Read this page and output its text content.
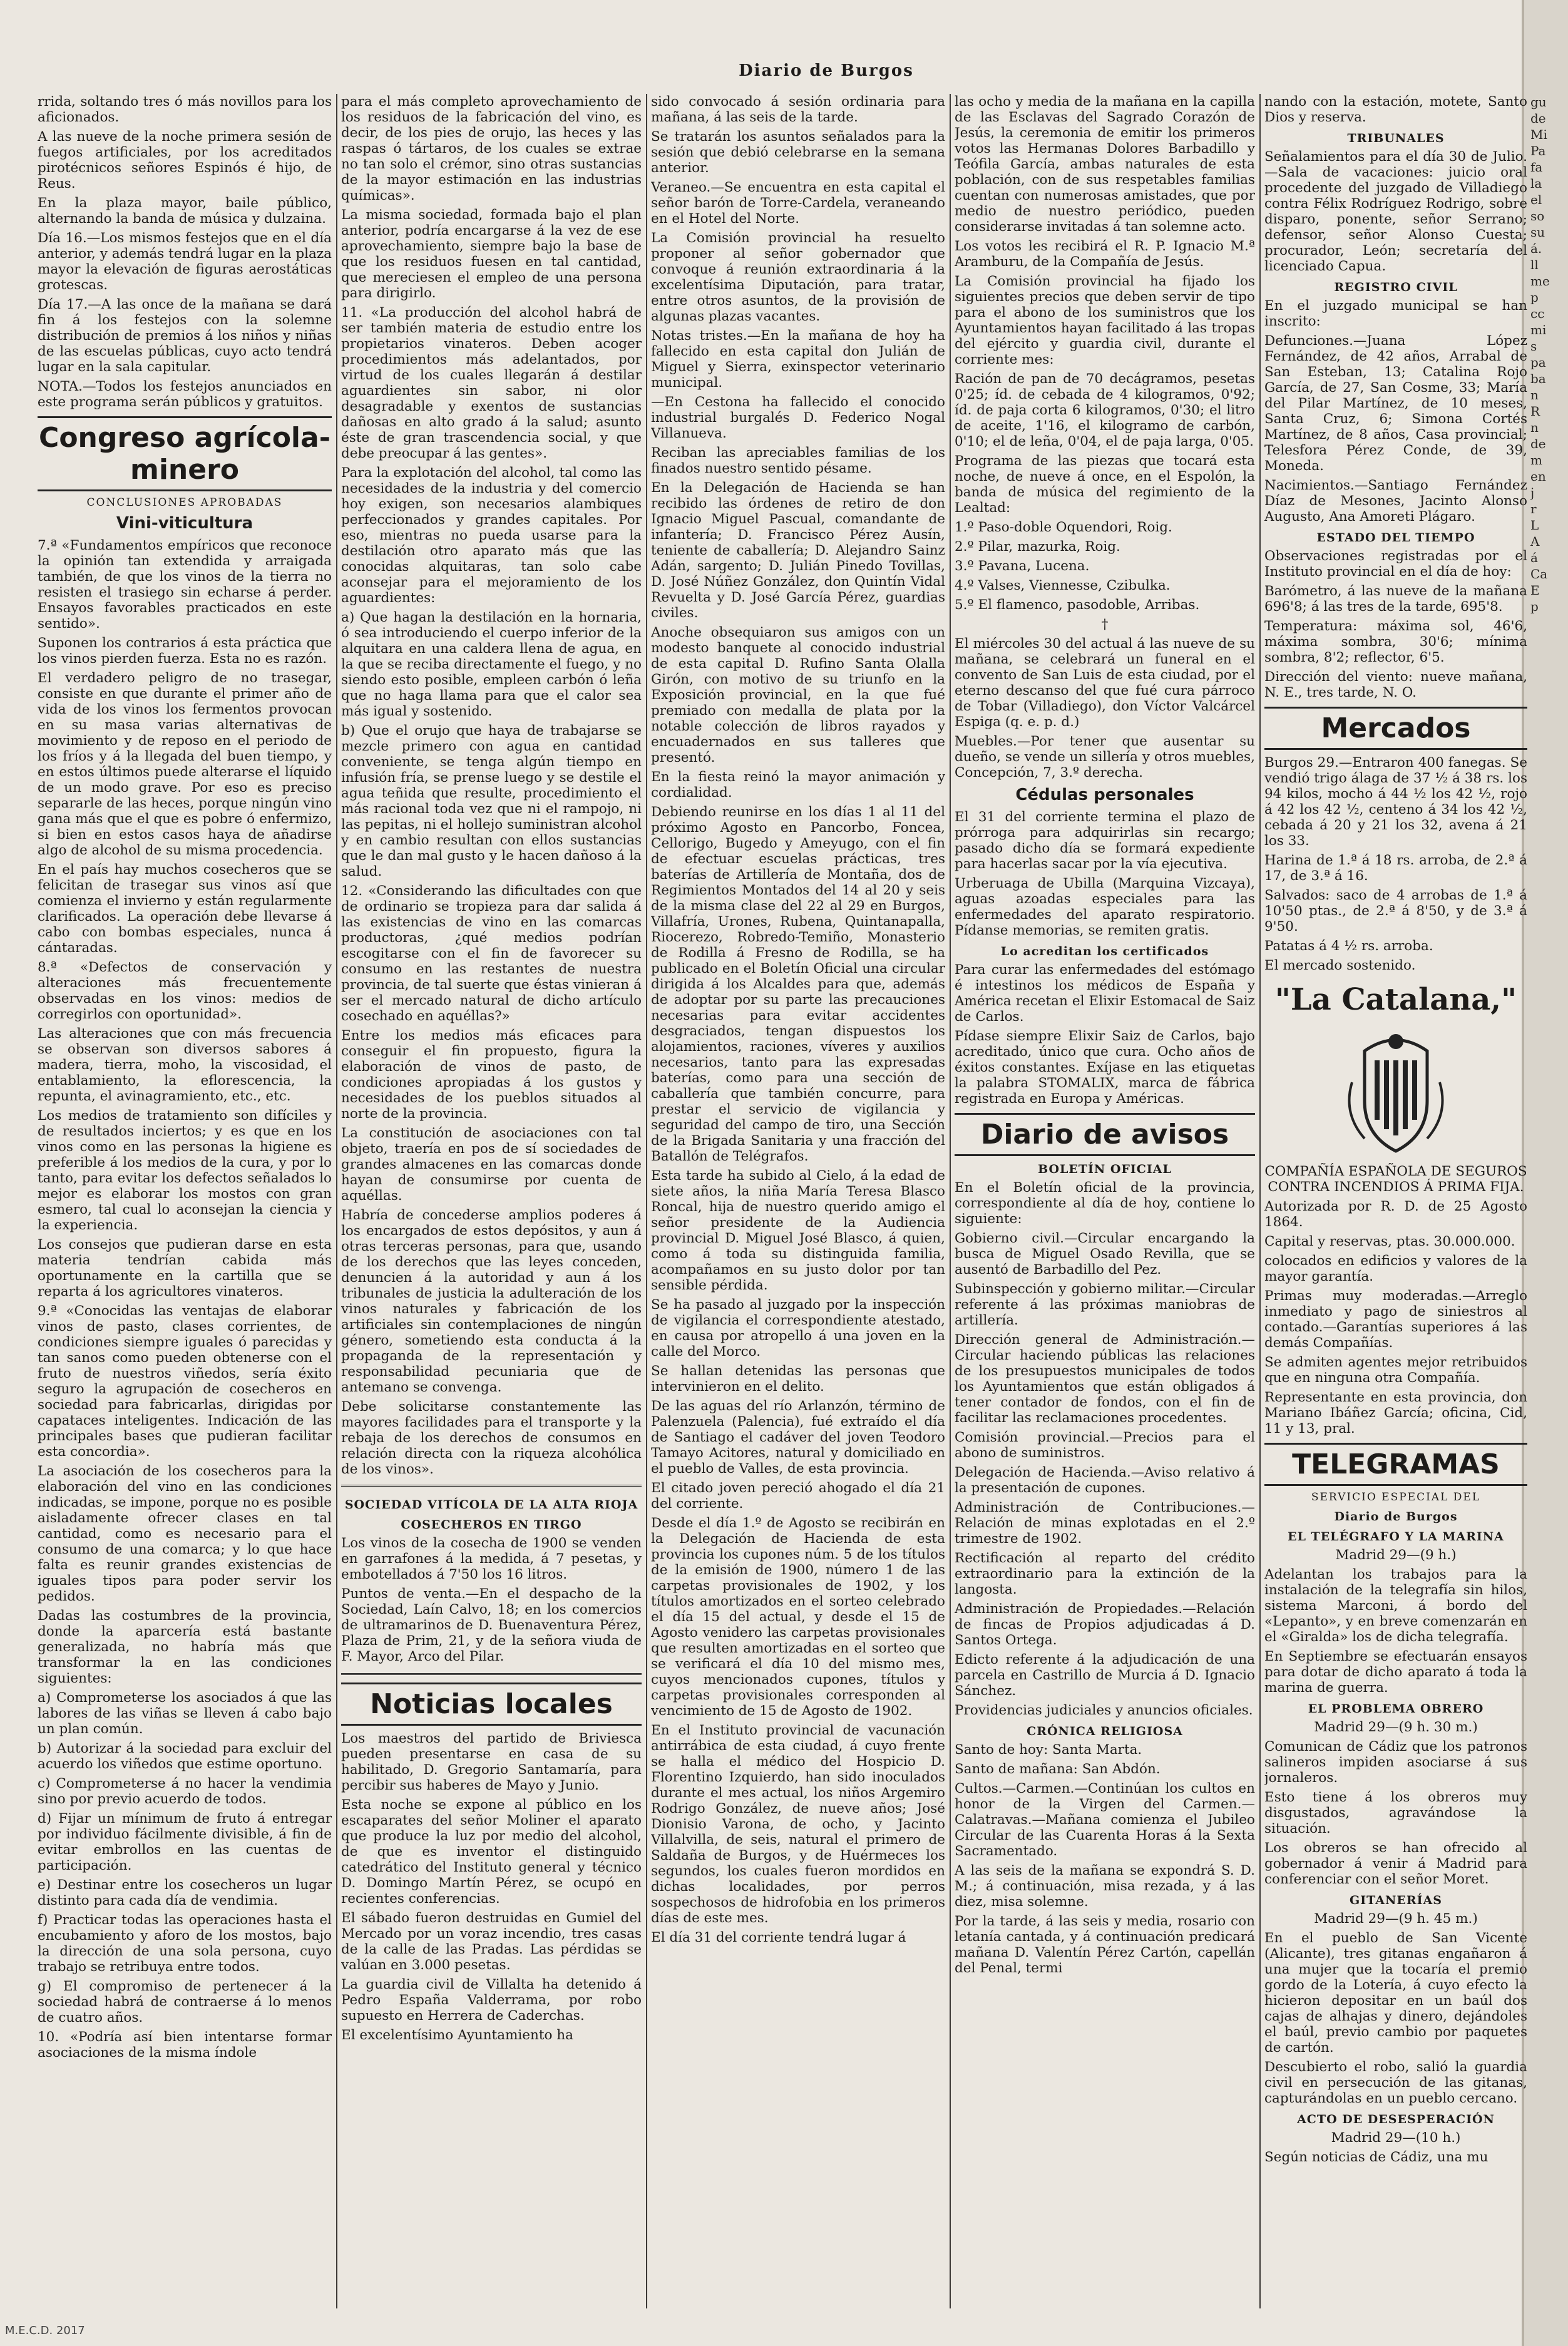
Diario de Burgos

rrida, soltando tres ó más novillos para los aficionados.

A las nueve de la noche primera sesión de fuegos artificiales, por los acreditados pirotécnicos señores Espinós é hijo, de Reus.

En la plaza mayor, baile público, alternando la banda de música y dulzaina.

Día 16.—Los mismos festejos que en el día anterior, y además tendrá lugar en la plaza mayor la elevación de figuras aerostáticas grotescas.

Día 17.—A las once de la mañana se dará fin á los festejos con la solemne distribución de premios á los niños y niñas de las escuelas públicas, cuyo acto tendrá lugar en la sala capitular.

NOTA.—Todos los festejos anunciados en este programa serán públicos y gratuitos.

Congreso agrícola-minero
CONCLUSIONES APROBADAS
Vini-viticultura

7.ª «Fundamentos empíricos que reconoce la opinión tan extendida y arraigada también, de que los vinos de la tierra no resisten el trasiego sin echarse á perder. Ensayos favorables practicados en este sentido».

Suponen los contrarios á esta práctica que los vinos pierden fuerza. Esta no es razón.

El verdadero peligro de no trasegar, consiste en que durante el primer año de vida de los vinos los fermentos provocan en su masa varias alternativas de movimiento y de reposo en el periodo de los fríos y á la llegada del buen tiempo, y en estos últimos puede alterarse el líquido de un modo grave. Por eso es preciso separarle de las heces, porque ningún vino gana más que el que es pobre ó enfermizo, si bien en estos casos haya de añadirse algo de alcohol de su misma procedencia.

En el país hay muchos cosecheros que se felicitan de trasegar sus vinos así que comienza el invierno y están regularmente clarificados. La operación debe llevarse á cabo con bombas especiales, nunca á cántaradas.

8.ª «Defectos de conservación y alteraciones más frecuentemente observadas en los vinos: medios de corregirlos con oportunidad».

Las alteraciones que con más frecuencia se observan son diversos sabores á madera, tierra, moho, la viscosidad, el entablamiento, la eflorescencia, la repunta, el avinagramiento, etc., etc.

Los medios de tratamiento son difíciles y de resultados inciertos; y es que en los vinos como en las personas la higiene es preferible á los medios de la cura, y por lo tanto, para evitar los defectos señalados lo mejor es elaborar los mostos con gran esmero, tal cual lo aconsejan la ciencia y la experiencia.

Los consejos que pudieran darse en esta materia tendrían cabida más oportunamente en la cartilla que se reparta á los agricultores vinateros.

9.ª «Conocidas las ventajas de elaborar vinos de pasto, clases corrientes, de condiciones siempre iguales ó parecidas y tan sanos como pueden obtenerse con el fruto de nuestros viñedos, sería éxito seguro la agrupación de cosecheros en sociedad para fabricarlas, dirigidas por capataces inteligentes. Indicación de las principales bases que pudieran facilitar esta concordia».

La asociación de los cosecheros para la elaboración del vino en las condiciones indicadas, se impone, porque no es posible aisladamente ofrecer clases en tal cantidad, como es necesario para el consumo de una comarca; y lo que hace falta es reunir grandes existencias de iguales tipos para poder servir los pedidos.

Dadas las costumbres de la provincia, donde la aparcería está bastante generalizada, no habría más que transformar la en las condiciones siguientes:

a) Comprometerse los asociados á que las labores de las viñas se lleven á cabo bajo un plan común.

b) Autorizar á la sociedad para excluir del acuerdo los viñedos que estime oportuno.

c) Comprometerse á no hacer la vendimia sino por previo acuerdo de todos.

d) Fijar un mínimum de fruto á entregar por individuo fácilmente divisible, á fin de evitar embrollos en las cuentas de participación.

e) Destinar entre los cosecheros un lugar distinto para cada día de vendimia.

f) Practicar todas las operaciones hasta el encubamiento y aforo de los mostos, bajo la dirección de una sola persona, cuyo trabajo se retribuya entre todos.

g) El compromiso de pertenecer á la sociedad habrá de contraerse á lo menos de cuatro años.

10. «Podría así bien intentarse formar asociaciones de la misma índole

para el más completo aprovechamiento de los residuos de la fabricación del vino, es decir, de los pies de orujo, las heces y las raspas ó tártaros, de los cuales se extrae no tan solo el crémor, sino otras sustancias de la mayor estimación en las industrias químicas».

La misma sociedad, formada bajo el plan anterior, podría encargarse á la vez de ese aprovechamiento, siempre bajo la base de que los residuos fuesen en tal cantidad, que mereciesen el empleo de una persona para dirigirlo.

11. «La producción del alcohol habrá de ser también materia de estudio entre los propietarios vinateros. Deben acoger procedimientos más adelantados, por virtud de los cuales llegarán á destilar aguardientes sin sabor, ni olor desagradable y exentos de sustancias dañosas en alto grado á la salud; asunto éste de gran trascendencia social, y que debe preocupar á las gentes».

Para la explotación del alcohol, tal como las necesidades de la industria y del comercio hoy exigen, son necesarios alambiques perfeccionados y grandes capitales. Por eso, mientras no pueda usarse para la destilación otro aparato más que las conocidas alquitaras, tan solo cabe aconsejar para el mejoramiento de los aguardientes:

a) Que hagan la destilación en la hornaria, ó sea introduciendo el cuerpo inferior de la alquitara en una caldera llena de agua, en la que se reciba directamente el fuego, y no siendo esto posible, empleen carbón ó leña que no haga llama para que el calor sea más igual y sostenido.

b) Que el orujo que haya de trabajarse se mezcle primero con agua en cantidad conveniente, se tenga algún tiempo en infusión fría, se prense luego y se destile el agua teñida que resulte, procedimiento el más racional toda vez que ni el rampojo, ni las pepitas, ni el hollejo suministran alcohol y en cambio resultan con ellos sustancias que le dan mal gusto y le hacen dañoso á la salud.

12. «Considerando las dificultades con que de ordinario se tropieza para dar salida á las existencias de vino en las comarcas productoras, ¿qué medios podrían escogitarse con el fin de favorecer su consumo en las restantes de nuestra provincia, de tal suerte que éstas vinieran á ser el mercado natural de dicho artículo cosechado en aquéllas?»

Entre los medios más eficaces para conseguir el fin propuesto, figura la elaboración de vinos de pasto, de condiciones apropiadas á los gustos y necesidades de los pueblos situados al norte de la provincia.

La constitución de asociaciones con tal objeto, traería en pos de sí sociedades de grandes almacenes en las comarcas donde hayan de consumirse por cuenta de aquéllas.

Habría de concederse amplios poderes á los encargados de estos depósitos, y aun á otras terceras personas, para que, usando de los derechos que las leyes conceden, denuncien á la autoridad y aun á los tribunales de justicia la adulteración de los vinos naturales y fabricación de los artificiales sin contemplaciones de ningún género, sometiendo esta conducta á la propaganda de la representación y responsabilidad pecuniaria que de antemano se convenga.

Debe solicitarse constantemente las mayores facilidades para el transporte y la rebaja de los derechos de consumos en relación directa con la riqueza alcohólica de los vinos».

SOCIEDAD VITÍCOLA DE LA ALTA RIOJA
COSECHEROS EN TIRGO

Los vinos de la cosecha de 1900 se venden en garrafones á la medida, á 7 pesetas, y embotellados á 7'50 los 16 litros.

Puntos de venta.—En el despacho de la Sociedad, Laín Calvo, 18; en los comercios de ultramarinos de D. Buenaventura Pérez, Plaza de Prim, 21, y de la señora viuda de F. Mayor, Arco del Pilar.

Noticias locales

Los maestros del partido de Briviesca pueden presentarse en casa de su habilitado, D. Gregorio Santamaría, para percibir sus haberes de Mayo y Junio.

Esta noche se expone al público en los escaparates del señor Moliner el aparato que produce la luz por medio del alcohol, de que es inventor el distinguido catedrático del Instituto general y técnico D. Domingo Martín Pérez, se ocupó en recientes conferencias.

El sábado fueron destruidas en Gumiel del Mercado por un voraz incendio, tres casas de la calle de las Pradas. Las pérdidas se valúan en 3.000 pesetas.

La guardia civil de Villalta ha detenido á Pedro España Valderrama, por robo supuesto en Herrera de Caderchas.

El excelentísimo Ayuntamiento ha

sido convocado á sesión ordinaria para mañana, á las seis de la tarde.

Se tratarán los asuntos señalados para la sesión que debió celebrarse en la semana anterior.

Veraneo.—Se encuentra en esta capital el señor barón de Torre-Cardela, veraneando en el Hotel del Norte.

La Comisión provincial ha resuelto proponer al señor gobernador que convoque á reunión extraordinaria á la excelentísima Diputación, para tratar, entre otros asuntos, de la provisión de algunas plazas vacantes.

Notas tristes.—En la mañana de hoy ha fallecido en esta capital don Julián de Miguel y Sierra, exinspector veterinario municipal.

—En Cestona ha fallecido el conocido industrial burgalés D. Federico Nogal Villanueva.

Reciban las apreciables familias de los finados nuestro sentido pésame.

En la Delegación de Hacienda se han recibido las órdenes de retiro de don Ignacio Miguel Pascual, comandante de infantería; D. Francisco Pérez Ausín, teniente de caballería; D. Alejandro Sainz Adán, sargento; D. Julián Pinedo Tovillas, D. José Núñez González, don Quintín Vidal Revuelta y D. José García Pérez, guardias civiles.

Anoche obsequiaron sus amigos con un modesto banquete al conocido industrial de esta capital D. Rufino Santa Olalla Girón, con motivo de su triunfo en la Exposición provincial, en la que fué premiado con medalla de plata por la notable colección de libros rayados y encuadernados en sus talleres que presentó.

En la fiesta reinó la mayor animación y cordialidad.

Debiendo reunirse en los días 1 al 11 del próximo Agosto en Pancorbo, Foncea, Cellorigo, Bugedo y Ameyugo, con el fin de efectuar escuelas prácticas, tres baterías de Artillería de Montaña, dos de Regimientos Montados del 14 al 20 y seis de la misma clase del 22 al 29 en Burgos, Villafría, Urones, Rubena, Quintanapalla, Riocerezo, Robredo-Temiño, Monasterio de Rodilla á Fresno de Rodilla, se ha publicado en el Boletín Oficial una circular dirigida á los Alcaldes para que, además de adoptar por su parte las precauciones necesarias para evitar accidentes desgraciados, tengan dispuestos los alojamientos, raciones, víveres y auxilios necesarios, tanto para las expresadas baterías, como para una sección de caballería que también concurre, para prestar el servicio de vigilancia y seguridad del campo de tiro, una Sección de la Brigada Sanitaria y una fracción del Batallón de Telégrafos.

Esta tarde ha subido al Cielo, á la edad de siete años, la niña María Teresa Blasco Roncal, hija de nuestro querido amigo el señor presidente de la Audiencia provincial D. Miguel José Blasco, á quien, como á toda su distinguida familia, acompañamos en su justo dolor por tan sensible pérdida.

Se ha pasado al juzgado por la inspección de vigilancia el correspondiente atestado, en causa por atropello á una joven en la calle del Morco.

Se hallan detenidas las personas que intervinieron en el delito.

De las aguas del río Arlanzón, término de Palenzuela (Palencia), fué extraído el día de Santiago el cadáver del joven Teodoro Tamayo Acitores, natural y domiciliado en el pueblo de Valles, de esta provincia.

El citado joven pereció ahogado el día 21 del corriente.

Desde el día 1.º de Agosto se recibirán en la Delegación de Hacienda de esta provincia los cupones núm. 5 de los títulos de la emisión de 1900, número 1 de las carpetas provisionales de 1902, y los títulos amortizados en el sorteo celebrado el día 15 del actual, y desde el 15 de Agosto venidero las carpetas provisionales que resulten amortizadas en el sorteo que se verificará el día 10 del mismo mes, cuyos mencionados cupones, títulos y carpetas provisionales corresponden al vencimiento de 15 de Agosto de 1902.

En el Instituto provincial de vacunación antirrábica de esta ciudad, á cuyo frente se halla el médico del Hospicio D. Florentino Izquierdo, han sido inoculados durante el mes actual, los niños Argemiro Rodrigo González, de nueve años; José Dionisio Varona, de ocho, y Jacinto Villalvilla, de seis, natural el primero de Saldaña de Burgos, y de Huérmeces los segundos, los cuales fueron mordidos en dichas localidades, por perros sospechosos de hidrofobia en los primeros días de este mes.

El día 31 del corriente tendrá lugar á

las ocho y media de la mañana en la capilla de las Esclavas del Sagrado Corazón de Jesús, la ceremonia de emitir los primeros votos las Hermanas Dolores Barbadillo y Teófila García, ambas naturales de esta población, con de sus respetables familias cuentan con numerosas amistades, que por medio de nuestro periódico, pueden considerarse invitadas á tan solemne acto.

Los votos les recibirá el R. P. Ignacio M.ª Aramburu, de la Compañía de Jesús.

La Comisión provincial ha fijado los siguientes precios que deben servir de tipo para el abono de los suministros que los Ayuntamientos hayan facilitado á las tropas del ejército y guardia civil, durante el corriente mes:

Ración de pan de 70 decágramos, pesetas 0'25; íd. de cebada de 4 kilogramos, 0'92; íd. de paja corta 6 kilogramos, 0'30; el litro de aceite, 1'16, el kilogramo de carbón, 0'10; el de leña, 0'04, el de paja larga, 0'05.

Programa de las piezas que tocará esta noche, de nueve á once, en el Espolón, la banda de música del regimiento de la Lealtad:

1.º Paso-doble Oquendori, Roig.

2.º Pilar, mazurka, Roig.

3.º Pavana, Lucena.

4.º Valses, Viennesse, Czibulka.

5.º El flamenco, pasodoble, Arribas.

†

El miércoles 30 del actual á las nueve de su mañana, se celebrará un funeral en el convento de San Luis de esta ciudad, por el eterno descanso del que fué cura párroco de Tobar (Villadiego), don Víctor Valcárcel Espiga (q. e. p. d.)

Muebles.—Por tener que ausentar su dueño, se vende un sillería y otros muebles, Concepción, 7, 3.º derecha.

Cédulas personales

El 31 del corriente termina el plazo de prórroga para adquirirlas sin recargo; pasado dicho día se formará expediente para hacerlas sacar por la vía ejecutiva.

Urberuaga de Ubilla (Marquina Vizcaya), aguas azoadas especiales para las enfermedades del aparato respiratorio. Pídanse memorias, se remiten gratis.

Lo acreditan los certificados

Para curar las enfermedades del estómago é intestinos los médicos de España y América recetan el Elixir Estomacal de Saiz de Carlos.

Pídase siempre Elixir Saiz de Carlos, bajo acreditado, único que cura. Ocho años de éxitos constantes. Exíjase en las etiquetas la palabra STOMALIX, marca de fábrica registrada en Europa y Américas.

Diario de avisos
BOLETÍN OFICIAL

En el Boletín oficial de la provincia, correspondiente al día de hoy, contiene lo siguiente:

Gobierno civil.—Circular encargando la busca de Miguel Osado Revilla, que se ausentó de Barbadillo del Pez.

Subinspección y gobierno militar.—Circular referente á las próximas maniobras de artillería.

Dirección general de Administración.—Circular haciendo públicas las relaciones de los presupuestos municipales de todos los Ayuntamientos que están obligados á tener contador de fondos, con el fin de facilitar las reclamaciones procedentes.

Comisión provincial.—Precios para el abono de suministros.

Delegación de Hacienda.—Aviso relativo á la presentación de cupones.

Administración de Contribuciones.—Relación de minas explotadas en el 2.º trimestre de 1902.

Rectificación al reparto del crédito extraordinario para la extinción de la langosta.

Administración de Propiedades.—Relación de fincas de Propios adjudicadas á D. Santos Ortega.

Edicto referente á la adjudicación de una parcela en Castrillo de Murcia á D. Ignacio Sánchez.

Providencias judiciales y anuncios oficiales.

CRÓNICA RELIGIOSA

Santo de hoy: Santa Marta.

Santo de mañana: San Abdón.

Cultos.—Carmen.—Continúan los cultos en honor de la Virgen del Carmen.—Calatravas.—Mañana comienza el Jubileo Circular de las Cuarenta Horas á la Sexta Sacramentado.

A las seis de la mañana se expondrá S. D. M.; á continuación, misa rezada, y á las diez, misa solemne.

Por la tarde, á las seis y media, rosario con letanía cantada, y á continuación predicará mañana D. Valentín Pérez Cartón, capellán del Penal, termi

nando con la estación, motete, Santo Dios y reserva.

TRIBUNALES

Señalamientos para el día 30 de Julio.—Sala de vacaciones: juicio oral procedente del juzgado de Villadiego contra Félix Rodríguez Rodrigo, sobre disparo, ponente, señor Serrano; defensor, señor Alonso Cuesta; procurador, León; secretaría del licenciado Capua.

REGISTRO CIVIL

En el juzgado municipal se han inscrito:

Defunciones.—Juana López Fernández, de 42 años, Arrabal de San Esteban, 13; Catalina Rojo García, de 27, San Cosme, 33; María del Pilar Martínez, de 10 meses, Santa Cruz, 6; Simona Cortés Martínez, de 8 años, Casa provincial; Telesfora Pérez Conde, de 39, Moneda.

Nacimientos.—Santiago Fernández Díaz de Mesones, Jacinto Alonso Augusto, Ana Amoreti Plágaro.

ESTADO DEL TIEMPO

Observaciones registradas por el Instituto provincial en el día de hoy:

Barómetro, á las nueve de la mañana 696'8; á las tres de la tarde, 695'8.

Temperatura: máxima sol, 46'6, máxima sombra, 30'6; mínima sombra, 8'2; reflector, 6'5.

Dirección del viento: nueve mañana, N. E., tres tarde, N. O.

Mercados

Burgos 29.—Entraron 400 fanegas. Se vendió trigo álaga de 37 ½ á 38 rs. los 94 kilos, mocho á 44 ½ los 42 ½, rojo á 42 los 42 ½, centeno á 34 los 42 ½, cebada á 20 y 21 los 32, avena á 21 los 33.

Harina de 1.ª á 18 rs. arroba, de 2.ª á 17, de 3.ª á 16.

Salvados: saco de 4 arrobas de 1.ª á 10'50 ptas., de 2.ª á 8'50, y de 3.ª á 9'50.

Patatas á 4 ½ rs. arroba.

El mercado sostenido.

"La Catalana,"

COMPAÑÍA ESPAÑOLA DE SEGUROS CONTRA INCENDIOS Á PRIMA FIJA.

Autorizada por R. D. de 25 Agosto 1864.

Capital y reservas, ptas. 30.000.000.

colocados en edificios y valores de la mayor garantía.

Primas muy moderadas.—Arreglo inmediato y pago de siniestros al contado.—Garantías superiores á las demás Compañías.

Se admiten agentes mejor retribuidos que en ninguna otra Compañía.

Representante en esta provincia, don Mariano Ibáñez García; oficina, Cid, 11 y 13, pral.

TELEGRAMAS
SERVICIO ESPECIAL DEL
Diario de Burgos
EL TELÉGRAFO Y LA MARINA

Madrid 29—(9 h.)

Adelantan los trabajos para la instalación de la telegrafía sin hilos, sistema Marconi, á bordo del «Lepanto», y en breve comenzarán en el «Giralda» los de dicha telegrafía.

En Septiembre se efectuarán ensayos para dotar de dicho aparato á toda la marina de guerra.

EL PROBLEMA OBRERO

Madrid 29—(9 h. 30 m.)

Comunican de Cádiz que los patronos salineros impiden asociarse á sus jornaleros.

Esto tiene á los obreros muy disgustados, agravándose la situación.

Los obreros se han ofrecido al gobernador á venir á Madrid para conferenciar con el señor Moret.

GITANERÍAS

Madrid 29—(9 h. 45 m.)

En el pueblo de San Vicente (Alicante), tres gitanas engañaron á una mujer que la tocaría el premio gordo de la Lotería, á cuyo efecto la hicieron depositar en un baúl dos cajas de alhajas y dinero, dejándoles el baúl, previo cambio por paquetes de cartón.

Descubierto el robo, salió la guardia civil en persecución de las gitanas, capturándolas en un pueblo cercano.

ACTO DE DESESPERACIÓN

Madrid 29—(10 h.)

Según noticias de Cádiz, una mu

gu
de
Mi
Pa
fa
la
el
so
su
á.
ll
me
p
cc
mi
s
pa
ba
n
R
n
de
m
en
j
r
L
A
á
Ca
E
p
M.E.C.D. 2017
